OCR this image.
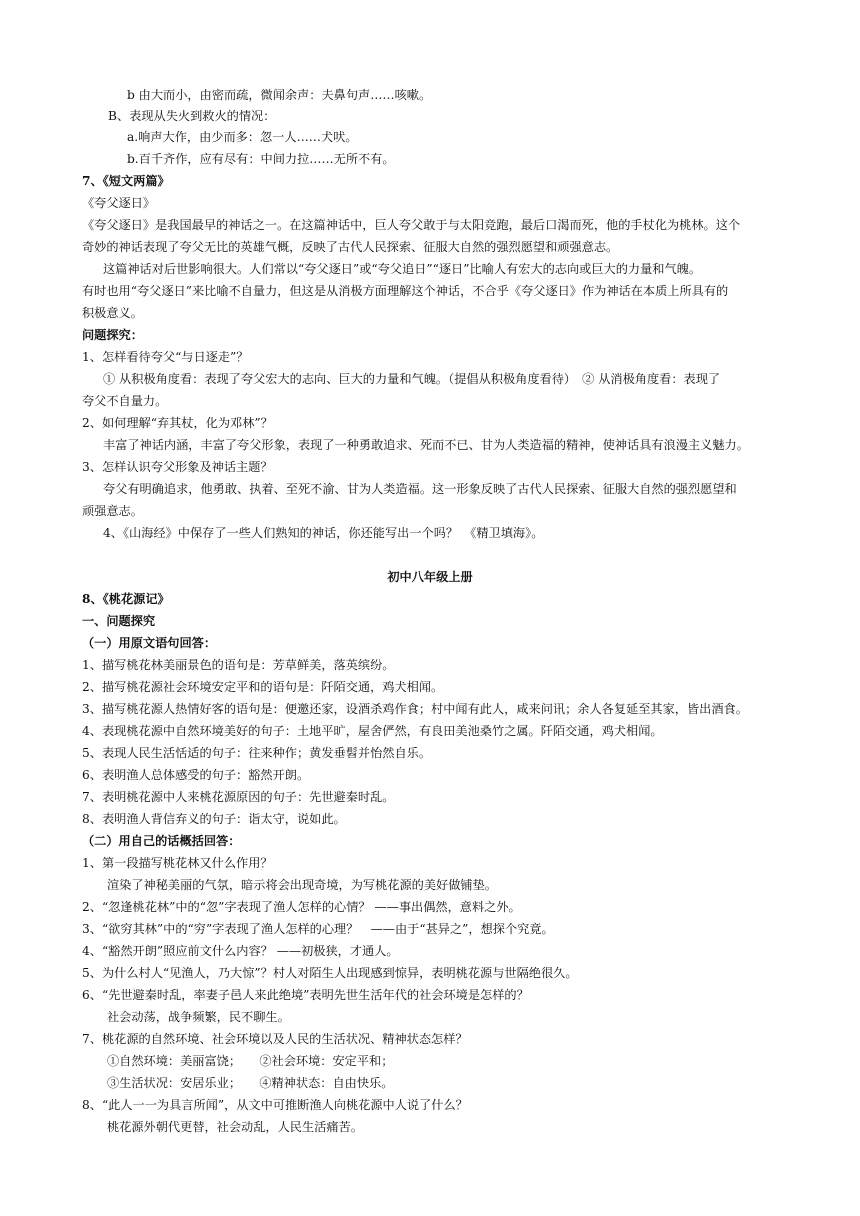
b 由大而小，由密而疏，微闻余声：夫鼻句声……咳嗽。
B、表现从失火到救火的情况：
a.响声大作，由少而多：忽一人……犬吠。
b.百千齐作，应有尽有：中间力拉……无所不有。
7、《短文两篇》
《夸父逐日》
《夸父逐日》是我国最早的神话之一。在这篇神话中，巨人夸父敢于与太阳竞跑，最后口渴而死，他的手杖化为桃林。这个
奇妙的神话表现了夸父无比的英雄气概，反映了古代人民探索、征服大自然的强烈愿望和顽强意志。
这篇神话对后世影响很大。人们常以“夸父逐日”或“夸父追日”“逐日”比喻人有宏大的志向或巨大的力量和气魄。
有时也用“夸父逐日”来比喻不自量力，但这是从消极方面理解这个神话，不合乎《夸父逐日》作为神话在本质上所具有的
积极意义。
问题探究：
1、怎样看待夸父“与日逐走”？
① 从积极角度看：表现了夸父宏大的志向、巨大的力量和气魄。（提倡从积极角度看待）　② 从消极角度看：表现了
夸父不自量力。
2、如何理解“弃其杖，化为邓林”？
丰富了神话内涵，丰富了夸父形象，表现了一种勇敢追求、死而不已、甘为人类造福的精神，使神话具有浪漫主义魅力。
3、怎样认识夸父形象及神话主题？
夸父有明确追求，他勇敢、执着、至死不渝、甘为人类造福。这一形象反映了古代人民探索、征服大自然的强烈愿望和
顽强意志。
4、《山海经》中保存了一些人们熟知的神话，你还能写出一个吗？　《精卫填海》。
初中八年级上册
8、《桃花源记》
一、问题探究
（一）用原文语句回答：
1、描写桃花林美丽景色的语句是：芳草鲜美，落英缤纷。
2、描写桃花源社会环境安定平和的语句是：阡陌交通，鸡犬相闻。
3、描写桃花源人热情好客的语句是：便邀还家，设酒杀鸡作食；村中闻有此人，咸来问讯；余人各复延至其家，皆出酒食。
4、表现桃花源中自然环境美好的句子：土地平旷，屋舍俨然，有良田美池桑竹之属。阡陌交通，鸡犬相闻。
5、表现人民生活恬适的句子：往来种作；黄发垂髫并怡然自乐。
6、表明渔人总体感受的句子：豁然开朗。
7、表明桃花源中人来桃花源原因的句子：先世避秦时乱。
8、表明渔人背信弃义的句子：诣太守，说如此。
（二）用自己的话概括回答：
1、第一段描写桃花林又什么作用？
渲染了神秘美丽的气氛，暗示将会出现奇境，为写桃花源的美好做铺垫。
2、“忽逢桃花林”中的“忽”字表现了渔人怎样的心情？ ——事出偶然，意料之外。
3、“欲穷其林”中的“穷”字表现了渔人怎样的心理？　——由于“甚异之”，想探个究竟。
4、“豁然开朗”照应前文什么内容？ ——初极狭，才通人。
5、为什么村人“见渔人，乃大惊”？村人对陌生人出现感到惊异，表明桃花源与世隔绝很久。
6、“先世避秦时乱，率妻子邑人来此绝境”表明先世生活年代的社会环境是怎样的？
社会动荡，战争频繁，民不聊生。
7、桃花源的自然环境、社会环境以及人民的生活状况、精神状态怎样？
①自然环境：美丽富饶；　　②社会环境：安定平和；
③生活状况：安居乐业；　　④精神状态：自由快乐。
8、“此人一一为具言所闻”，从文中可推断渔人向桃花源中人说了什么？
桃花源外朝代更替，社会动乱，人民生活痛苦。
